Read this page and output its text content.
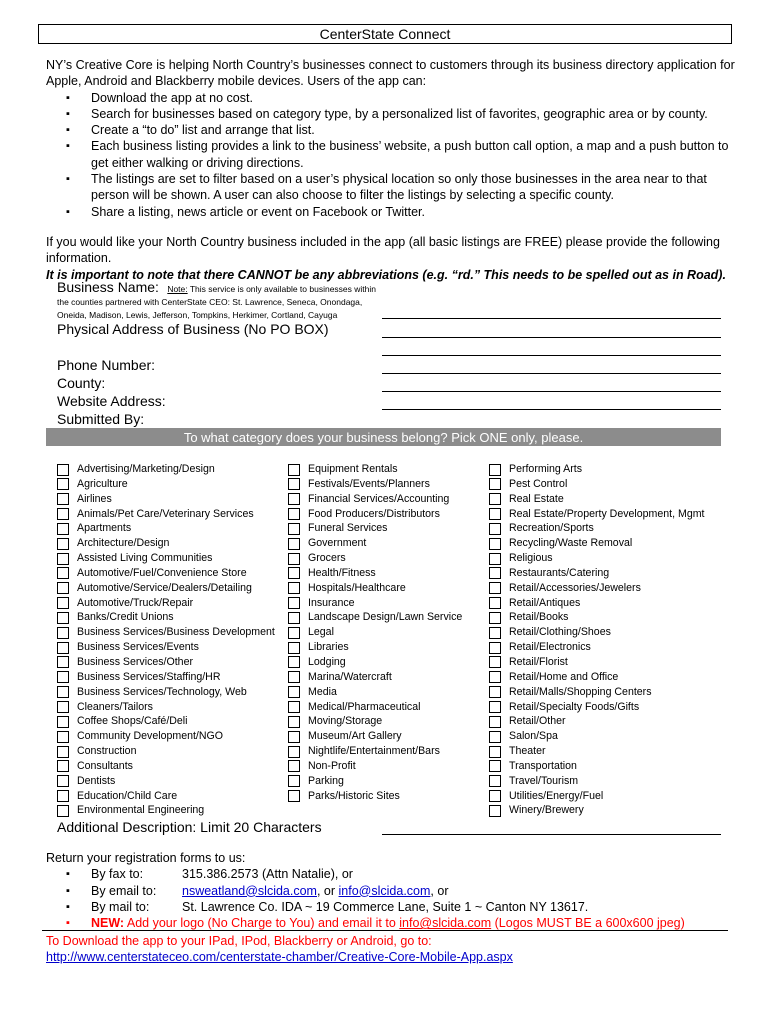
CenterState Connect
NY’s Creative Core is helping North Country’s businesses connect to customers through its business directory application for Apple, Android and Blackberry mobile devices. Users of the app can:
▪ Download the app at no cost.
▪ Search for businesses based on category type, by a personalized list of favorites, geographic area or by county.
▪ Create a “to do” list and arrange that list.
▪ Each business listing provides a link to the business’ website, a push button call option, a map and a push button to get either walking or driving directions.
▪ The listings are set to filter based on a user’s physical location so only those businesses in the area near to that person will be shown. A user can also choose to filter the listings by selecting a specific county.
▪ Share a listing, news article or event on Facebook or Twitter.
If you would like your North Country business included in the app (all basic listings are FREE) please provide the following information.
It is important to note that there CANNOT be any abbreviations (e.g. “rd.” This needs to be spelled out as in Road).
Business Name: Note: This service is only available to businesses within the counties partnered with CenterState CEO: St. Lawrence, Seneca, Onondaga, Oneida, Madison, Lewis, Jefferson, Tompkins, Herkimer, Cortland, Cayuga
Physical Address of Business (No PO BOX)
Phone Number:
County:
Website Address:
Submitted By:
To what category does your business belong? Pick ONE only, please.
Advertising/Marketing/Design
Agriculture
Airlines
Animals/Pet Care/Veterinary Services
Apartments
Architecture/Design
Assisted Living Communities
Automotive/Fuel/Convenience Store
Automotive/Service/Dealers/Detailing
Automotive/Truck/Repair
Banks/Credit Unions
Business Services/Business Development
Business Services/Events
Business Services/Other
Business Services/Staffing/HR
Business Services/Technology, Web
Cleaners/Tailors
Coffee Shops/Café/Deli
Community Development/NGO
Construction
Consultants
Dentists
Education/Child Care
Environmental Engineering
Equipment Rentals
Festivals/Events/Planners
Financial Services/Accounting
Food Producers/Distributors
Funeral Services
Government
Grocers
Health/Fitness
Hospitals/Healthcare
Insurance
Landscape Design/Lawn Service
Legal
Libraries
Lodging
Marina/Watercraft
Media
Medical/Pharmaceutical
Moving/Storage
Museum/Art Gallery
Nightlife/Entertainment/Bars
Non-Profit
Parking
Parks/Historic Sites
Performing Arts
Pest Control
Real Estate
Real Estate/Property Development, Mgmt
Recreation/Sports
Recycling/Waste Removal
Religious
Restaurants/Catering
Retail/Accessories/Jewelers
Retail/Antiques
Retail/Books
Retail/Clothing/Shoes
Retail/Electronics
Retail/Florist
Retail/Home and Office
Retail/Malls/Shopping Centers
Retail/Specialty Foods/Gifts
Retail/Other
Salon/Spa
Theater
Transportation
Travel/Tourism
Utilities/Energy/Fuel
Winery/Brewery
Additional Description: Limit 20 Characters
Return your registration forms to us:
▪ By fax to:	315.386.2573 (Attn Natalie), or
▪ By email to: nsweatland@slcida.com, or info@slcida.com, or
▪ By mail to:	St. Lawrence Co. IDA ~ 19 Commerce Lane, Suite 1 ~ Canton NY 13617.
▪ NEW: Add your logo (No Charge to You) and email it to info@slcida.com (Logos MUST BE a 600x600 jpeg)
To Download the app to your IPad, IPod, Blackberry or Android, go to:
http://www.centerstateceo.com/centerstate-chamber/Creative-Core-Mobile-App.aspx
